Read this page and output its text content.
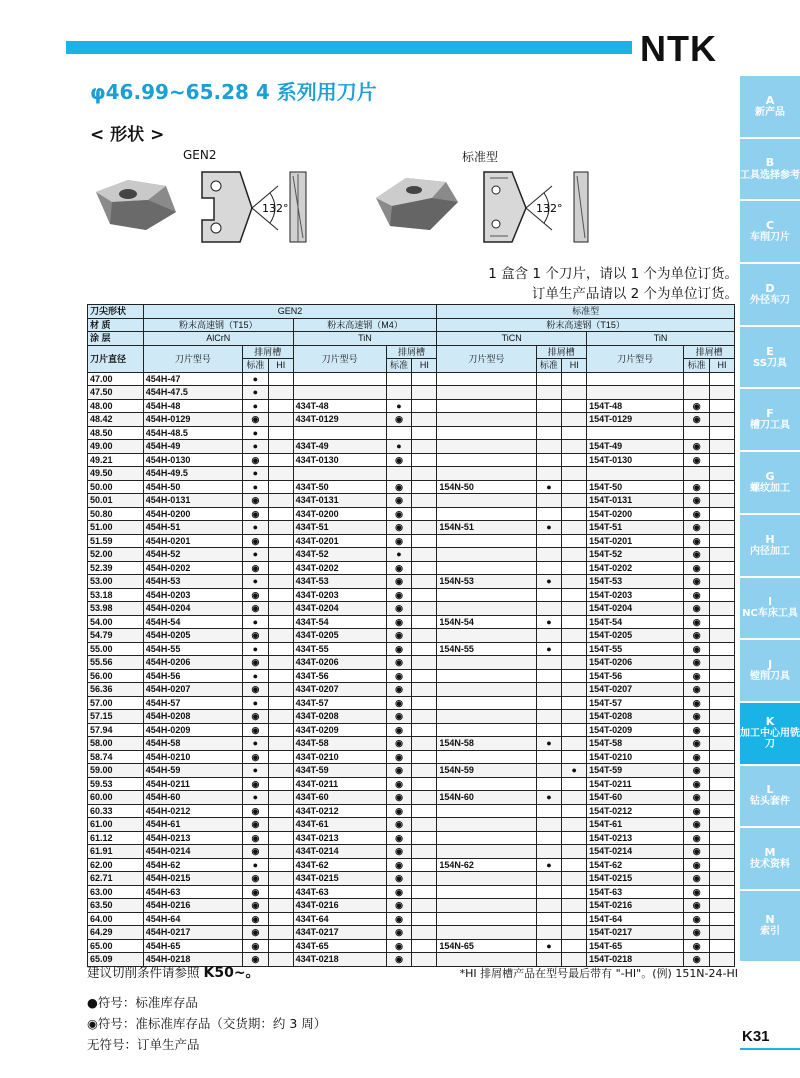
NTK
φ46.99~65.28 4 系列用刀片
< 形状 >
GEN2	标准型
132°	132°
1 盒含 1 个刀片，请以 1 个为单位订货。
订单生产品请以 2 个为单位订货。
A
新产品
B
工具选择参考
C
车削刀片
D
外径车刀
E
SS刀具
F
槽刀工具
G
螺纹加工
H
内径加工
I
NC车床工具
J
镗削刀具
K
加工中心用铣刀
L
钻头套件
M
技术资料
N
索引
刀尖形状	GEN2						标准型					
材 质	粉末高速钢（T15）			粉末高速钢（M4）			粉末高速钢（T15）					
涂 层	AlCrN			TiN			TiCN			TiN		
刀片直径	刀片型号	排屑槽		刀片型号	排屑槽		刀片型号	排屑槽		刀片型号	排屑槽	
		标准	HI		标准	HI		标准	HI		标准	HI
47.00	454H-47	●										
47.50	454H-47.5	●										
48.00	454H-48	●		434T-48	●					154T-48	◉	
48.42	454H-0129	◉		434T-0129	◉					154T-0129	◉	
48.50	454H-48.5	●										
49.00	454H-49	●		434T-49	●					154T-49	◉	
49.21	454H-0130	◉		434T-0130	◉					154T-0130	◉	
49.50	454H-49.5	●										
50.00	454H-50	●		434T-50	◉		154N-50	●		154T-50	◉	
50.01	454H-0131	◉		434T-0131	◉					154T-0131	◉	
50.80	454H-0200	◉		434T-0200	◉					154T-0200	◉	
51.00	454H-51	●		434T-51	◉		154N-51	●		154T-51	◉	
51.59	454H-0201	◉		434T-0201	◉					154T-0201	◉	
52.00	454H-52	●		434T-52	●					154T-52	◉	
52.39	454H-0202	◉		434T-0202	◉					154T-0202	◉	
53.00	454H-53	●		434T-53	◉		154N-53	●		154T-53	◉	
53.18	454H-0203	◉		434T-0203	◉					154T-0203	◉	
53.98	454H-0204	◉		434T-0204	◉					154T-0204	◉	
54.00	454H-54	●		434T-54	◉		154N-54	●		154T-54	◉	
54.79	454H-0205	◉		434T-0205	◉					154T-0205	◉	
55.00	454H-55	●		434T-55	◉		154N-55	●		154T-55	◉	
55.56	454H-0206	◉		434T-0206	◉					154T-0206	◉	
56.00	454H-56	●		434T-56	◉					154T-56	◉	
56.36	454H-0207	◉		434T-0207	◉					154T-0207	◉	
57.00	454H-57	●		434T-57	◉					154T-57	◉	
57.15	454H-0208	◉		434T-0208	◉					154T-0208	◉	
57.94	454H-0209	◉		434T-0209	◉					154T-0209	◉	
58.00	454H-58	●		434T-58	◉		154N-58	●		154T-58	◉	
58.74	454H-0210	◉		434T-0210	◉					154T-0210	◉	
59.00	454H-59	●		434T-59	◉		154N-59		●	154T-59	◉	
59.53	454H-0211	◉		434T-0211	◉					154T-0211	◉	
60.00	454H-60	●		434T-60	◉		154N-60	●		154T-60	◉	
60.33	454H-0212	◉		434T-0212	◉					154T-0212	◉	
61.00	454H-61	◉		434T-61	◉					154T-61	◉	
61.12	454H-0213	◉		434T-0213	◉					154T-0213	◉	
61.91	454H-0214	◉		434T-0214	◉					154T-0214	◉	
62.00	454H-62	●		434T-62	◉		154N-62	●		154T-62	◉	
62.71	454H-0215	◉		434T-0215	◉					154T-0215	◉	
63.00	454H-63	◉		434T-63	◉					154T-63	◉	
63.50	454H-0216	◉		434T-0216	◉					154T-0216	◉	
64.00	454H-64	◉		434T-64	◉					154T-64	◉	
64.29	454H-0217	◉		434T-0217	◉					154T-0217	◉	
65.00	454H-65	◉		434T-65	◉		154N-65	●		154T-65	◉	
65.09	454H-0218	◉		434T-0218	◉					154T-0218	◉	
建议切削条件请参照 K50~。	*HI 排屑槽产品在型号最后带有 "-HI"。(例) 151N-24-HI
●符号：标准库存品
◉符号：准标准库存品（交货期：约 3 周）
无符号：订单生产品	K31
